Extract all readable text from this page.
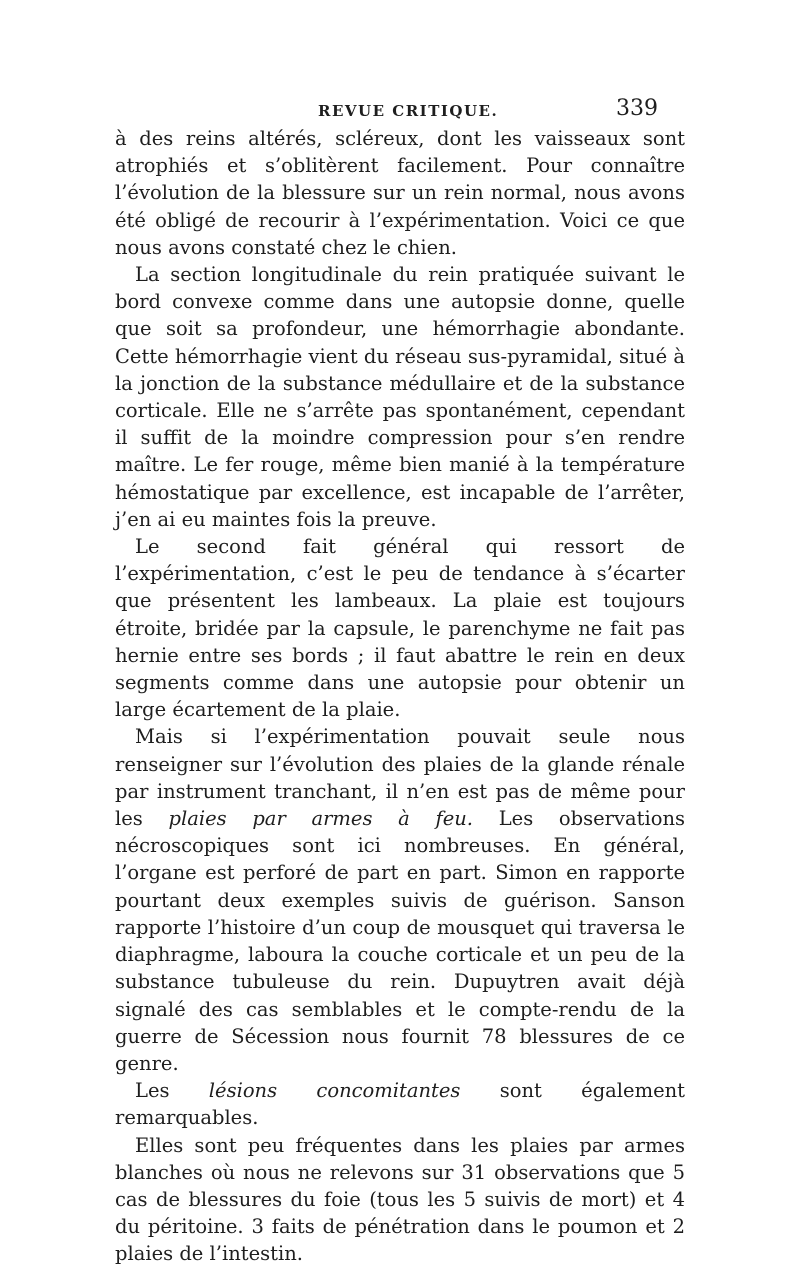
REVUE CRITIQUE.	339

à des reins altérés, scléreux, dont les vaisseaux sont atrophiés et s’oblitèrent facilement. Pour connaître l’évolution de la blessure sur un rein normal, nous avons été obligé de recourir à l’expérimentation. Voici ce que nous avons constaté chez le chien.

La section longitudinale du rein pratiquée suivant le bord convexe comme dans une autopsie donne, quelle que soit sa profondeur, une hémorrhagie abondante. Cette hémorrhagie vient du réseau sus-pyramidal, situé à la jonction de la substance médullaire et de la substance corticale. Elle ne s’arrête pas spontanément, cependant il suffit de la moindre compression pour s’en rendre maître. Le fer rouge, même bien manié à la température hémostatique par excellence, est incapable de l’arrêter, j’en ai eu maintes fois la preuve.

Le second fait général qui ressort de l’expérimentation, c’est le peu de tendance à s’écarter que présentent les lambeaux. La plaie est toujours étroite, bridée par la capsule, le parenchyme ne fait pas hernie entre ses bords ; il faut abattre le rein en deux segments comme dans une autopsie pour obtenir un large écartement de la plaie.

Mais si l’expérimentation pouvait seule nous renseigner sur l’évolution des plaies de la glande rénale par instrument tranchant, il n’en est pas de même pour les plaies par armes à feu. Les observations nécroscopiques sont ici nombreuses. En général, l’organe est perforé de part en part. Simon en rapporte pourtant deux exemples suivis de guérison. Sanson rapporte l’histoire d’un coup de mousquet qui traversa le diaphragme, laboura la couche corticale et un peu de la substance tubuleuse du rein. Dupuytren avait déjà signalé des cas semblables et le compte-rendu de la guerre de Sécession nous fournit 78 blessures de ce genre.

Les lésions concomitantes sont également remarquables.

Elles sont peu fréquentes dans les plaies par armes blanches où nous ne relevons sur 31 observations que 5 cas de blessures du foie (tous les 5 suivis de mort) et 4 du péritoine. 3 faits de pénétration dans le poumon et 2 plaies de l’intestin.
